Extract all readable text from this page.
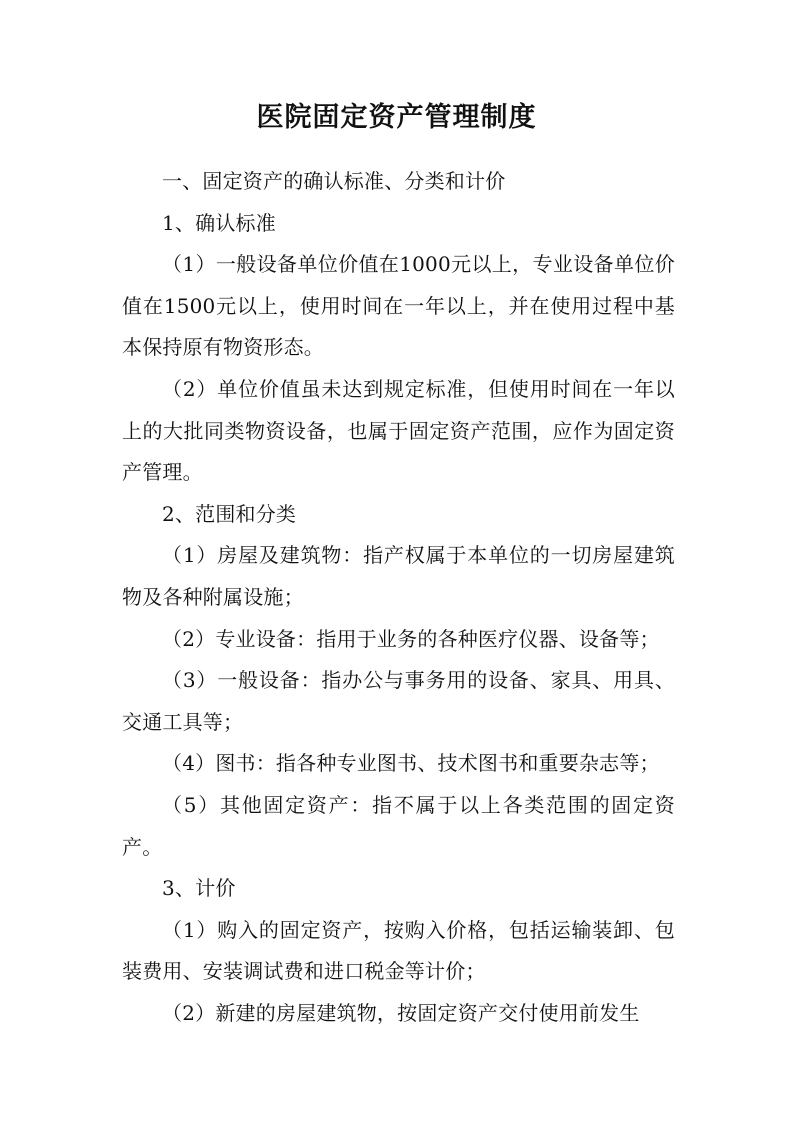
医院固定资产管理制度

一、固定资产的确认标准、分类和计价

1、确认标准

（1）一般设备单位价值在1000元以上，专业设备单位价值在1500元以上，使用时间在一年以上，并在使用过程中基本保持原有物资形态。

（2）单位价值虽未达到规定标准，但使用时间在一年以上的大批同类物资设备，也属于固定资产范围，应作为固定资产管理。

2、范围和分类

（1）房屋及建筑物：指产权属于本单位的一切房屋建筑物及各种附属设施；

（2）专业设备：指用于业务的各种医疗仪器、设备等；

（3）一般设备：指办公与事务用的设备、家具、用具、交通工具等；

（4）图书：指各种专业图书、技术图书和重要杂志等；

（5）其他固定资产：指不属于以上各类范围的固定资产。

3、计价

（1）购入的固定资产，按购入价格，包括运输装卸、包装费用、安装调试费和进口税金等计价；

（2）新建的房屋建筑物，按固定资产交付使用前发生
